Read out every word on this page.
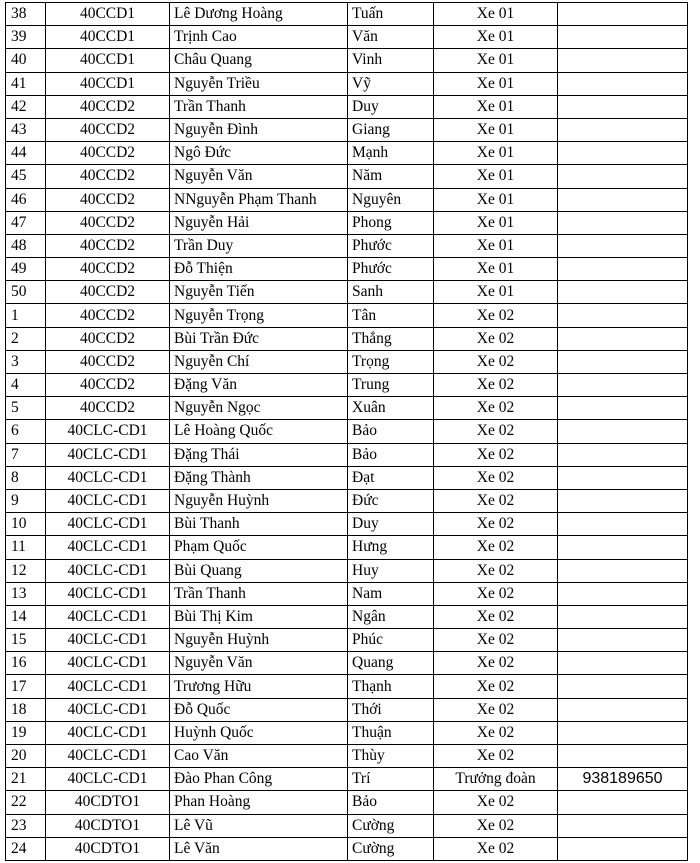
38	40CCD1	Lê Dương Hoàng	Tuấn	Xe 01	
39	40CCD1	Trịnh Cao	Văn	Xe 01	
40	40CCD1	Châu Quang	Vinh	Xe 01	
41	40CCD1	Nguyễn Triều	Vỹ	Xe 01	
42	40CCD2	Trần Thanh	Duy	Xe 01	
43	40CCD2	Nguyễn Đình	Giang	Xe 01	
44	40CCD2	Ngô Đức	Mạnh	Xe 01	
45	40CCD2	Nguyễn Văn	Năm	Xe 01	
46	40CCD2	NNguyễn Phạm Thanh	Nguyên	Xe 01	
47	40CCD2	Nguyễn Hải	Phong	Xe 01	
48	40CCD2	Trần Duy	Phước	Xe 01	
49	40CCD2	Đỗ Thiện	Phước	Xe 01	
50	40CCD2	Nguyễn Tiến	Sanh	Xe 01	
1	40CCD2	Nguyễn Trọng	Tân	Xe 02	
2	40CCD2	Bùi Trần Đức	Thắng	Xe 02	
3	40CCD2	Nguyễn Chí	Trọng	Xe 02	
4	40CCD2	Đặng Văn	Trung	Xe 02	
5	40CCD2	Nguyễn Ngọc	Xuân	Xe 02	
6	40CLC-CD1	Lê Hoàng Quốc	Bảo	Xe 02	
7	40CLC-CD1	Đặng Thái	Bảo	Xe 02	
8	40CLC-CD1	Đặng Thành	Đạt	Xe 02	
9	40CLC-CD1	Nguyễn Huỳnh	Đức	Xe 02	
10	40CLC-CD1	Bùi Thanh	Duy	Xe 02	
11	40CLC-CD1	Phạm Quốc	Hưng	Xe 02	
12	40CLC-CD1	Bùi Quang	Huy	Xe 02	
13	40CLC-CD1	Trần Thanh	Nam	Xe 02	
14	40CLC-CD1	Bùi Thị Kim	Ngân	Xe 02	
15	40CLC-CD1	Nguyễn Huỳnh	Phúc	Xe 02	
16	40CLC-CD1	Nguyễn Văn	Quang	Xe 02	
17	40CLC-CD1	Trương Hữu	Thạnh	Xe 02	
18	40CLC-CD1	Đỗ Quốc	Thới	Xe 02	
19	40CLC-CD1	Huỳnh Quốc	Thuận	Xe 02	
20	40CLC-CD1	Cao Văn	Thùy	Xe 02	
21	40CLC-CD1	Đào Phan Công	Trí	Trưởng đoàn	938189650
22	40CDTO1	Phan Hoàng	Bảo	Xe 02	
23	40CDTO1	Lê Vũ	Cường	Xe 02	
24	40CDTO1	Lê Văn	Cường	Xe 02	
